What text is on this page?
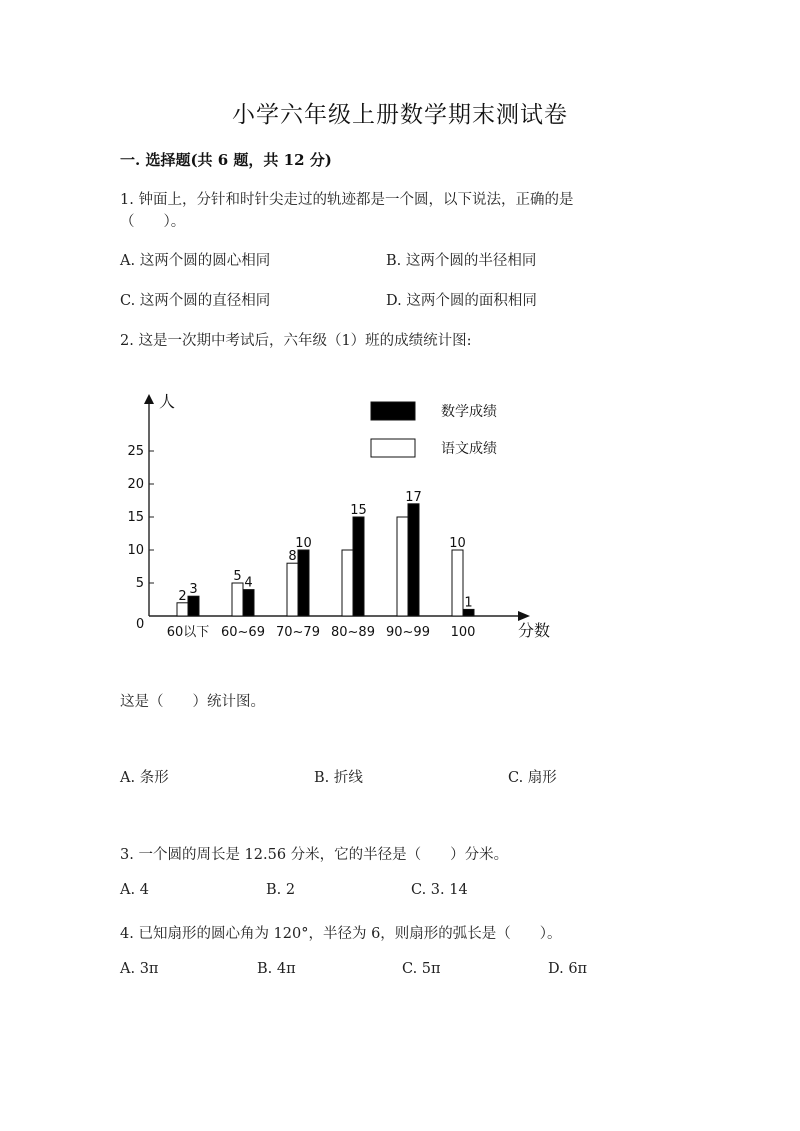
小学六年级上册数学期末测试卷
一. 选择题(共 6 题，共 12 分)
1. 钟面上，分针和时针尖走过的轨迹都是一个圆，以下说法，正确的是
（　　）。
A. 这两个圆的圆心相同	B. 这两个圆的半径相同
C. 这两个圆的直径相同	D. 这两个圆的面积相同
2. 这是一次期中考试后，六年级（1）班的成绩统计图:
人
分数
0
5
10
15
20
25
数学成绩
语文成绩
2 3
60以下
5 4
60~69
8
10
70~79
15
80~89
17
90~99
10
1
100
这是（　　）统计图。
A. 条形	B. 折线	C. 扇形
3. 一个圆的周长是 12.56 分米，它的半径是（　　）分米。
A. 4	B. 2	C. 3. 14
4. 已知扇形的圆心角为 120°，半径为 6，则扇形的弧长是（　　）。
A. 3π	B. 4π	C. 5π	D. 6π
